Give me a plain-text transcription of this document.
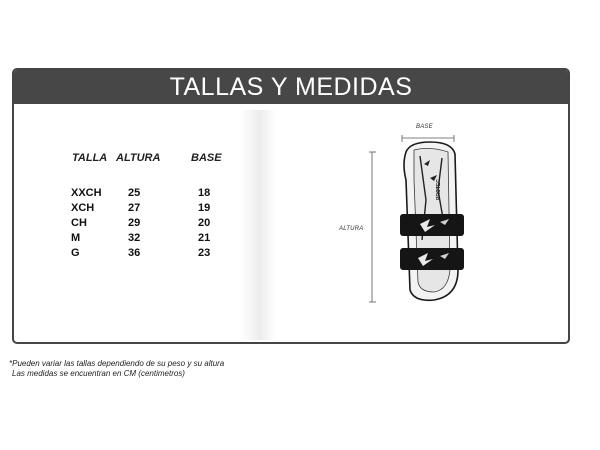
TALLAS Y MEDIDAS
TALLA ALTURA	BASE
XXCH 25	18
XCH	27	19
CH	29	20
M	32	21
G	36	23
BASE
ALTURA
PROTEC
*Pueden variar las tallas dependiendo de su peso y su altura
Las medidas se encuentran en CM (centimetros)
